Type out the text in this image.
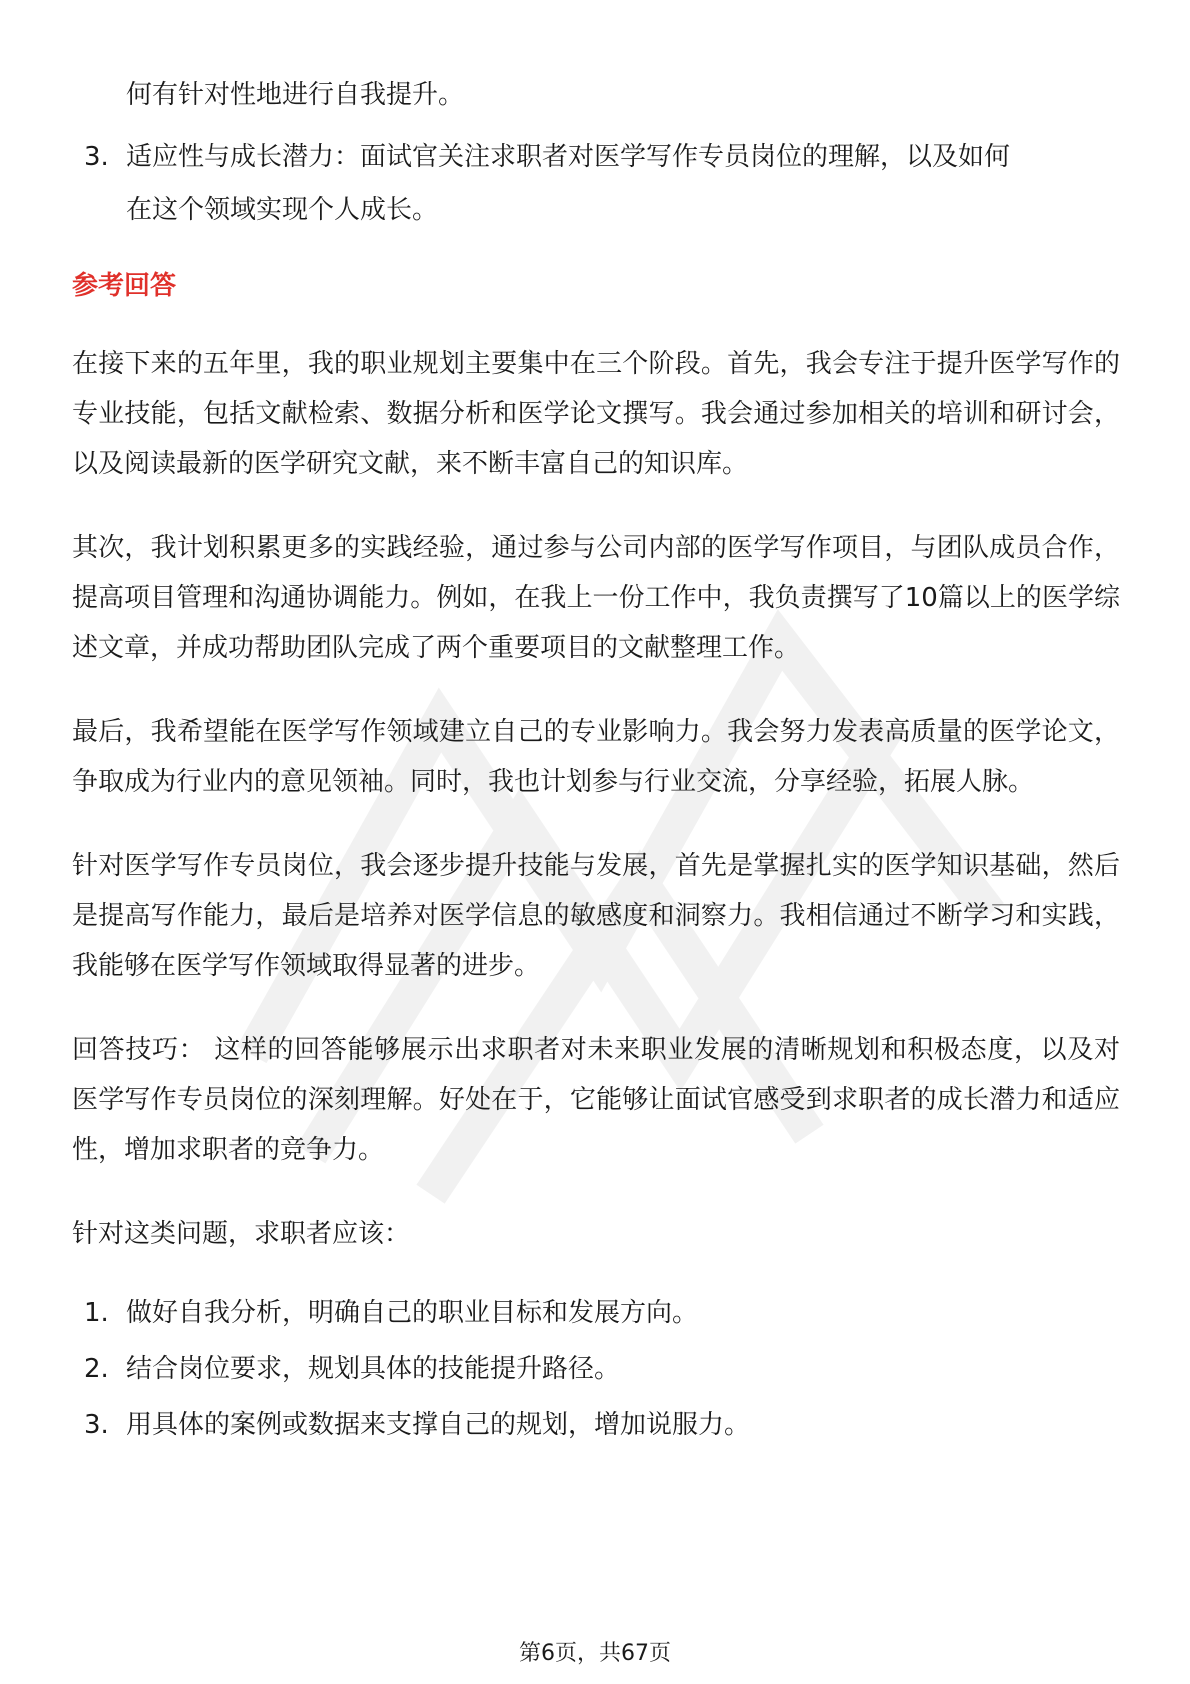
何有针对性地进行自我提升。

3. 适应性与成长潜力：面试官关注求职者对医学写作专员岗位的理解，以及如何

在这个领域实现个人成长。

参考回答

在接下来的五年里，我的职业规划主要集中在三个阶段。首先，我会专注于提升医学写作的专业技能，包括文献检索、数据分析和医学论文撰写。我会通过参加相关的培训和研讨会，以及阅读最新的医学研究文献，来不断丰富自己的知识库。

其次，我计划积累更多的实践经验，通过参与公司内部的医学写作项目，与团队成员合作，提高项目管理和沟通协调能力。例如，在我上一份工作中，我负责撰写了10篇以上的医学综述文章，并成功帮助团队完成了两个重要项目的文献整理工作。

最后，我希望能在医学写作领域建立自己的专业影响力。我会努力发表高质量的医学论文，争取成为行业内的意见领袖。同时，我也计划参与行业交流，分享经验，拓展人脉。

针对医学写作专员岗位，我会逐步提升技能与发展，首先是掌握扎实的医学知识基础，然后是提高写作能力，最后是培养对医学信息的敏感度和洞察力。我相信通过不断学习和实践，我能够在医学写作领域取得显著的进步。

回答技巧： 这样的回答能够展示出求职者对未来职业发展的清晰规划和积极态度，以及对医学写作专员岗位的深刻理解。好处在于，它能够让面试官感受到求职者的成长潜力和适应性，增加求职者的竞争力。

针对这类问题，求职者应该：

1. 做好自我分析，明确自己的职业目标和发展方向。
2. 结合岗位要求，规划具体的技能提升路径。
3. 用具体的案例或数据来支撑自己的规划，增加说服力。
第6页，共67页
